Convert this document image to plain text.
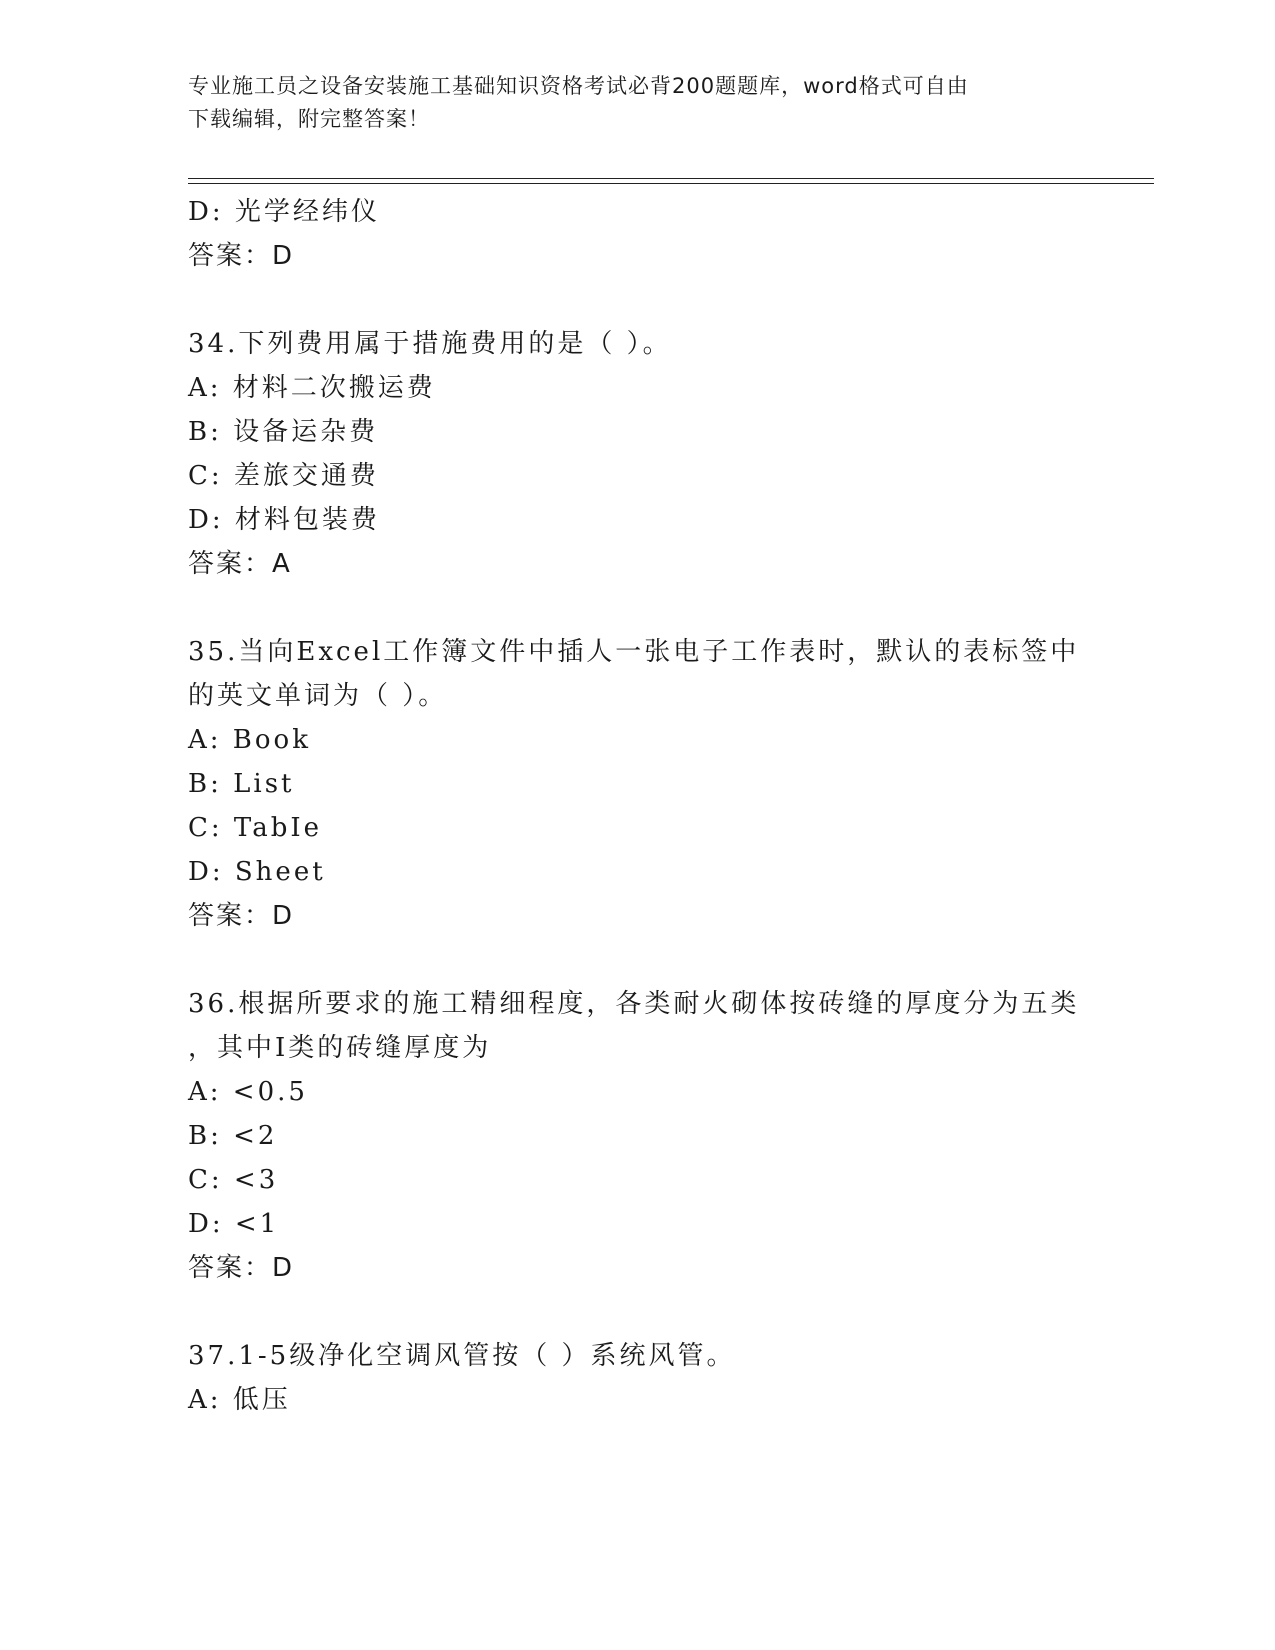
专业施工员之设备安装施工基础知识资格考试必背200题题库，word格式可自由
下载编辑，附完整答案！
D: 光学经纬仪
答案：D
34.下列费用属于措施费用的是（ ）。
A: 材料二次搬运费
B: 设备运杂费
C: 差旅交通费
D: 材料包装费
答案：A
35.当向Excel工作簿文件中插人一张电子工作表时，默认的表标签中
的英文单词为（ ）。
A: Book
B: List
C: TabIe
D: Sheet
答案：D
36.根据所要求的施工精细程度，各类耐火砌体按砖缝的厚度分为五类
，其中I类的砖缝厚度为
A: <0.5
B: <2
C: <3
D: <1
答案：D
37.1-5级净化空调风管按（ ）系统风管。
A: 低压
